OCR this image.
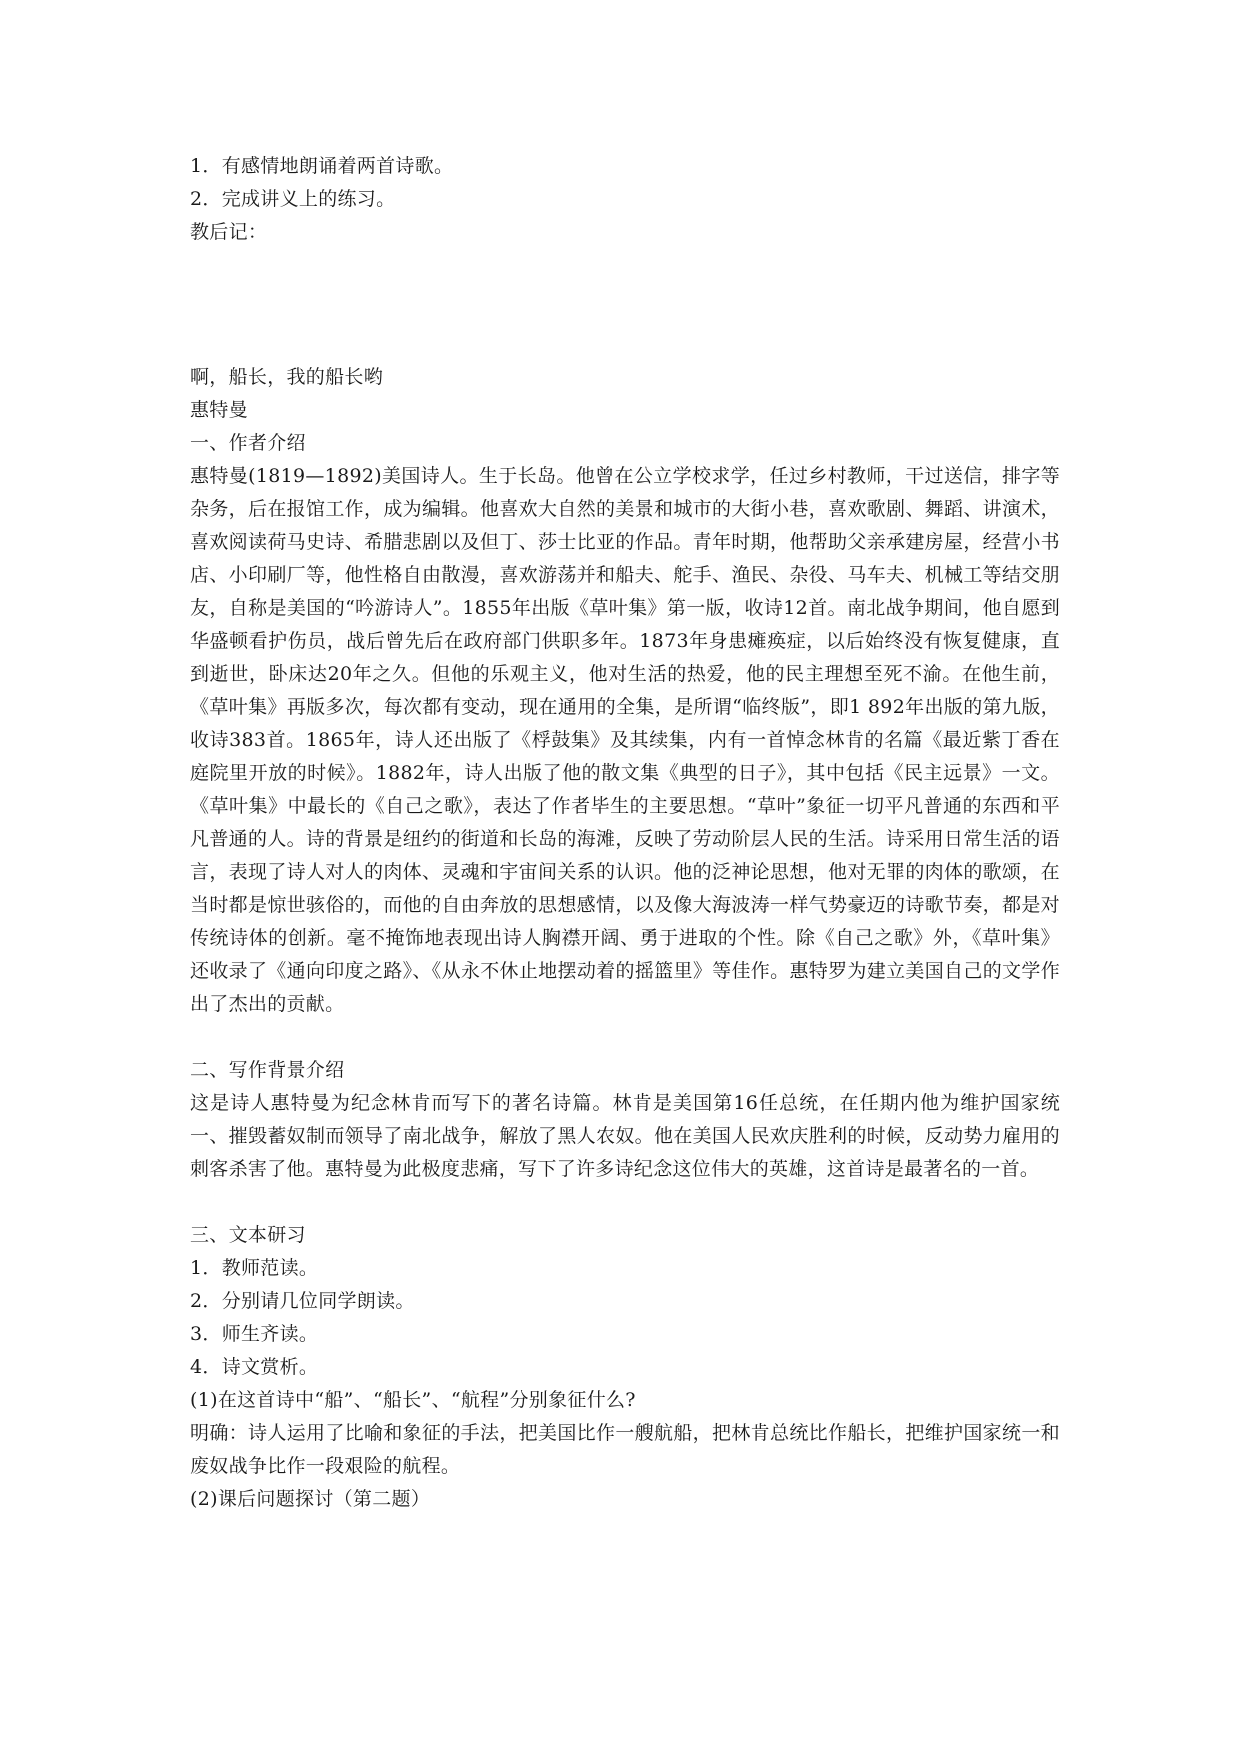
1．有感情地朗诵着两首诗歌。
2．完成讲义上的练习。
教后记：
啊，船长，我的船长哟
惠特曼
一、作者介绍
惠特曼(1819—1892)美国诗人。生于长岛。他曾在公立学校求学，任过乡村教师，干过送信，排字等杂务，后在报馆工作，成为编辑。他喜欢大自然的美景和城市的大街小巷，喜欢歌剧、舞蹈、讲演术，喜欢阅读荷马史诗、希腊悲剧以及但丁、莎士比亚的作品。青年时期，他帮助父亲承建房屋，经营小书店、小印刷厂等，他性格自由散漫，喜欢游荡并和船夫、舵手、渔民、杂役、马车夫、机械工等结交朋友，自称是美国的“吟游诗人”。1855年出版《草叶集》第一版，收诗12首。南北战争期间，他自愿到华盛顿看护伤员，战后曾先后在政府部门供职多年。1873年身患瘫痪症，以后始终没有恢复健康，直到逝世，卧床达20年之久。但他的乐观主义，他对生活的热爱，他的民主理想至死不渝。在他生前，《草叶集》再版多次，每次都有变动，现在通用的全集，是所谓“临终版”，即1 892年出版的第九版，收诗383首。1865年，诗人还出版了《桴鼓集》及其续集，内有一首悼念林肯的名篇《最近紫丁香在庭院里开放的时候》。1882年，诗人出版了他的散文集《典型的日子》，其中包括《民主远景》一文。《草叶集》中最长的《自己之歌》，表达了作者毕生的主要思想。“草叶”象征一切平凡普通的东西和平凡普通的人。诗的背景是纽约的街道和长岛的海滩，反映了劳动阶层人民的生活。诗采用日常生活的语言，表现了诗人对人的肉体、灵魂和宇宙间关系的认识。他的泛神论思想，他对无罪的肉体的歌颂，在当时都是惊世骇俗的，而他的自由奔放的思想感情，以及像大海波涛一样气势豪迈的诗歌节奏，都是对传统诗体的创新。毫不掩饰地表现出诗人胸襟开阔、勇于进取的个性。除《自己之歌》外，《草叶集》还收录了《通向印度之路》、《从永不休止地摆动着的摇篮里》等佳作。惠特罗为建立美国自己的文学作出了杰出的贡献。
二、写作背景介绍
这是诗人惠特曼为纪念林肯而写下的著名诗篇。林肯是美国第16任总统，在任期内他为维护国家统一、摧毁蓄奴制而领导了南北战争，解放了黑人农奴。他在美国人民欢庆胜利的时候，反动势力雇用的刺客杀害了他。惠特曼为此极度悲痛，写下了许多诗纪念这位伟大的英雄，这首诗是最著名的一首。
三、文本研习
1．教师范读。
2．分别请几位同学朗读。
3．师生齐读。
4．诗文赏析。
(1)在这首诗中“船”、“船长”、“航程”分别象征什么?
明确：诗人运用了比喻和象征的手法，把美国比作一艘航船，把林肯总统比作船长，把维护国家统一和废奴战争比作一段艰险的航程。
(2)课后问题探讨（第二题）
